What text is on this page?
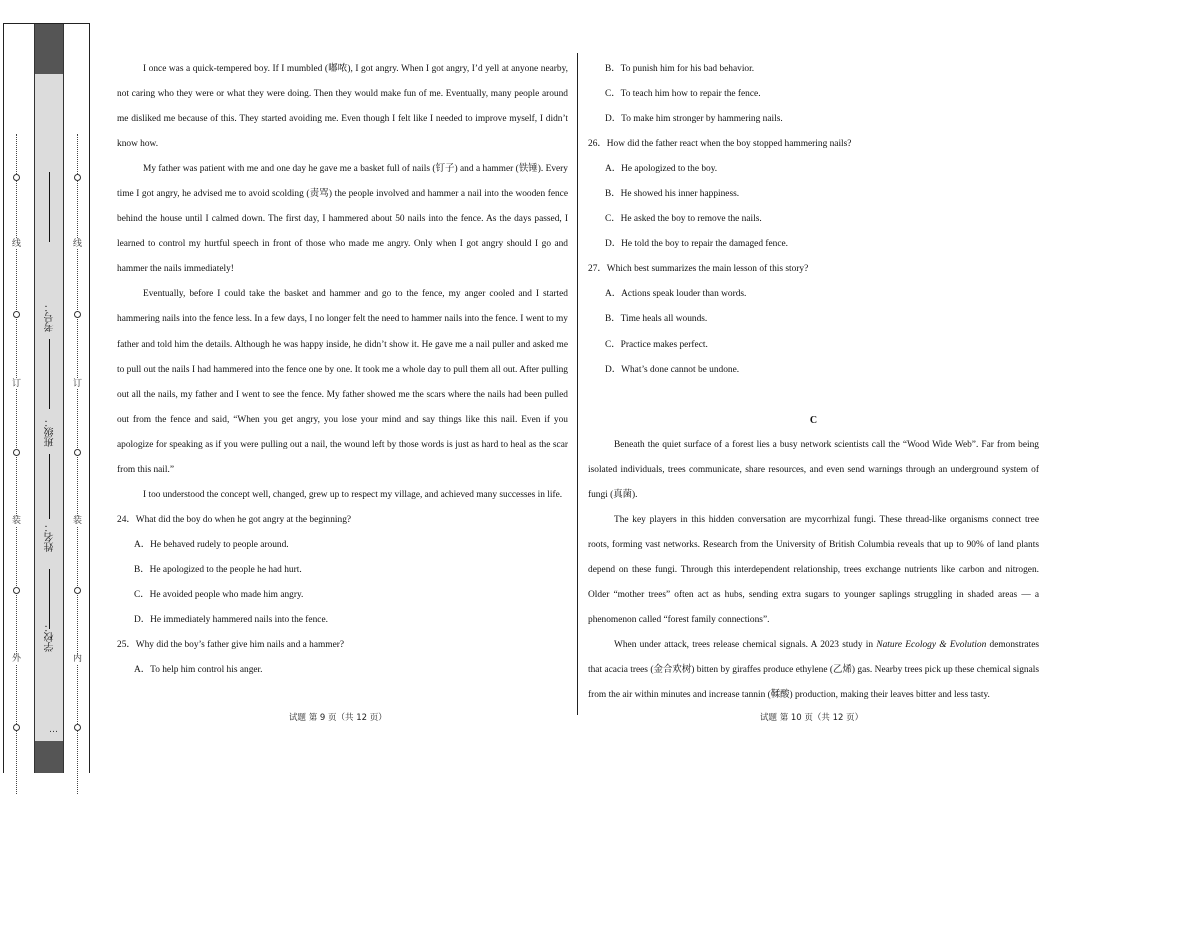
线
订
装
外
考号：
班级：
姓名：
学校：
…
线
订
装
内

I once was a quick-tempered boy. If I mumbled (嘟哝), I got angry. When I got angry, I’d yell at anyone nearby, not caring who they were or what they were doing. Then they would make fun of me. Eventually, many people around me disliked me because of this. They started avoiding me. Even though I felt like I needed to improve myself, I didn’t know how.

My father was patient with me and one day he gave me a basket full of nails (钉子) and a hammer (铁锤). Every time I got angry, he advised me to avoid scolding (责骂) the people involved and hammer a nail into the wooden fence behind the house until I calmed down. The first day, I hammered about 50 nails into the fence. As the days passed, I learned to control my hurtful speech in front of those who made me angry. Only when I got angry should I go and hammer the nails immediately!

Eventually, before I could take the basket and hammer and go to the fence, my anger cooled and I started hammering nails into the fence less. In a few days, I no longer felt the need to hammer nails into the fence. I went to my father and told him the details. Although he was happy inside, he didn’t show it. He gave me a nail puller and asked me to pull out the nails I had hammered into the fence one by one. It took me a whole day to pull them all out. After pulling out all the nails, my father and I went to see the fence. My father showed me the scars where the nails had been pulled out from the fence and said, “When you get angry, you lose your mind and say things like this nail. Even if you apologize for speaking as if you were pulling out a nail, the wound left by those words is just as hard to heal as the scar from this nail.”

I too understood the concept well, changed, grew up to respect my village, and achieved many successes in life.

24．What did the boy do when he got angry at the beginning?

A．He behaved rudely to people around.

B．He apologized to the people he had hurt.

C．He avoided people who made him angry.

D．He immediately hammered nails into the fence.

25．Why did the boy’s father give him nails and a hammer?

A．To help him control his anger.

B．To punish him for his bad behavior.

C．To teach him how to repair the fence.

D．To make him stronger by hammering nails.

26．How did the father react when the boy stopped hammering nails?

A．He apologized to the boy.

B．He showed his inner happiness.

C．He asked the boy to remove the nails.

D．He told the boy to repair the damaged fence.

27．Which best summarizes the main lesson of this story?

A．Actions speak louder than words.

B．Time heals all wounds.

C．Practice makes perfect.

D．What’s done cannot be undone.

C

Beneath the quiet surface of a forest lies a busy network scientists call the “Wood Wide Web”. Far from being isolated individuals, trees communicate, share resources, and even send warnings through an underground system of fungi (真菌).

The key players in this hidden conversation are mycorrhizal fungi. These thread-like organisms connect tree roots, forming vast networks. Research from the University of British Columbia reveals that up to 90% of land plants depend on these fungi. Through this interdependent relationship, trees exchange nutrients like carbon and nitrogen. Older “mother trees” often act as hubs, sending extra sugars to younger saplings struggling in shaded areas — a phenomenon called “forest family connections”.

When under attack, trees release chemical signals. A 2023 study in Nature Ecology & Evolution demonstrates that acacia trees (金合欢树) bitten by giraffes produce ethylene (乙烯) gas. Nearby trees pick up these chemical signals from the air within minutes and increase tannin (鞣酸) production, making their leaves bitter and less tasty.

试题 第 9 页（共 12 页）	试题 第 10 页（共 12 页）
